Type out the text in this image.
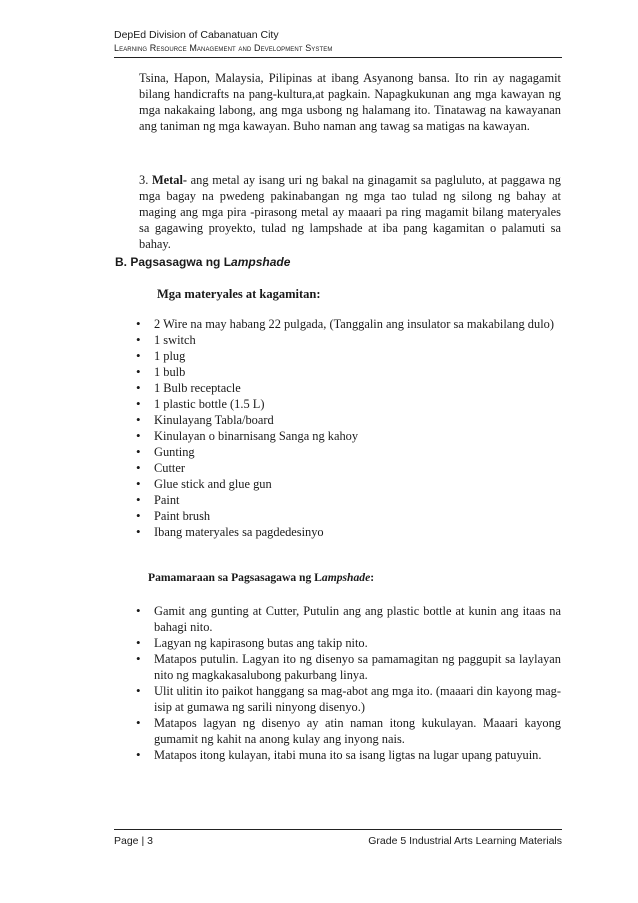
DepEd Division of Cabanatuan City
Learning Resource Management and Development System
Tsina, Hapon, Malaysia, Pilipinas at ibang Asyanong bansa. Ito rin ay nagagamit bilang handicrafts na pang-kultura,at pagkain. Napagkukunan ang mga kawayan ng mga nakakaing labong, ang mga usbong ng halamang ito. Tinatawag na kawayanan ang taniman ng mga kawayan. Buho naman ang tawag sa matigas na kawayan.
3. Metal- ang metal ay isang uri ng bakal na ginagamit sa pagluluto, at paggawa ng mga bagay na pwedeng pakinabangan ng mga tao tulad ng silong ng bahay at maging ang mga pira -pirasong metal ay maaari pa ring magamit bilang materyales sa gagawing proyekto, tulad ng lampshade at iba pang kagamitan o palamuti sa bahay.
B. Pagsasagwa ng Lampshade
Mga materyales at kagamitan:
• 2 Wire na may habang 22 pulgada, (Tanggalin ang insulator sa makabilang dulo)
• 1 switch
• 1 plug
• 1 bulb
• 1 Bulb receptacle
• 1 plastic bottle (1.5 L)
• Kinulayang Tabla/board
• Kinulayan o binarnisang Sanga ng kahoy
• Gunting
• Cutter
• Glue stick and glue gun
• Paint
• Paint brush
• Ibang materyales sa pagdedesinyo
Pamamaraan sa Pagsasagawa ng Lampshade:
• Gamit ang gunting at Cutter, Putulin ang ang plastic bottle at kunin ang itaas na bahagi nito.
• Lagyan ng kapirasong butas ang takip nito.
• Matapos putulin. Lagyan ito ng disenyo sa pamamagitan ng paggupit sa laylayan nito ng magkakasalubong pakurbang linya.
• Ulit ulitin ito paikot hanggang sa mag-abot ang mga ito. (maaari din kayong mag-isip at gumawa ng sarili ninyong disenyo.)
• Matapos lagyan ng disenyo ay atin naman itong kukulayan. Maaari kayong gumamit ng kahit na anong kulay ang inyong nais.
• Matapos itong kulayan, itabi muna ito sa isang ligtas na lugar upang patuyuin.
Page | 3	Grade 5 Industrial Arts Learning Materials
